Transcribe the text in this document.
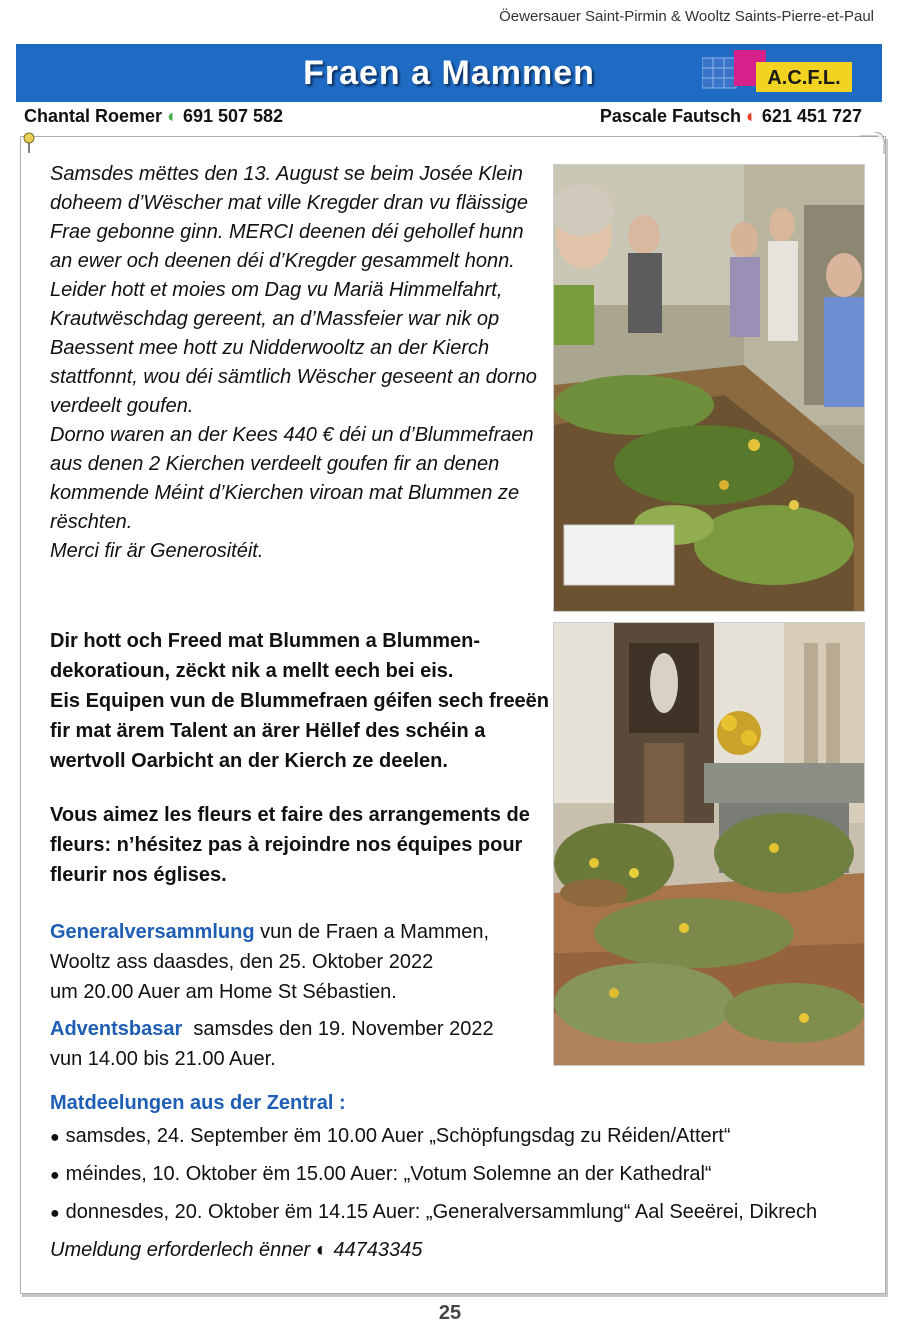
Öewersauer Saint-Pirmin & Wooltz Saints-Pierre-et-Paul
Fraen a Mammen	A.C.F.L.
Chantal Roemer ◐ 691 507 582	Pascale Fautsch ◐ 621 451 727

Samsdes mëttes den 13. August se beim Josée Klein doheem d’Wëscher mat ville Kregder dran vu fläissige Frae gebonne ginn. MERCI deenen déi gehollef hunn an ewer och deenen déi d’Kregder gesammelt honn.

Leider hott et moies om Dag vu Mariä Himmelfahrt, Krautwëschdag gereent, an d’Massfeier war nik op Baessent mee hott zu Nidderwooltz an der Kierch stattfonnt, wou déi sämtlich Wëscher geseent an dorno verdeelt goufen.

Dorno waren an der Kees 440 € déi un d’Blummefraen aus denen 2 Kierchen verdeelt goufen fir an denen kommende Méint d’Kierchen viroan mat Blummen ze rëschten.

Merci fir är Generositéit.

Dir hott och Freed mat Blummen a Blummen-dekoratioun, zëckt nik a mellt eech bei eis.

Eis Equipen vun de Blummefraen géifen sech freeën fir mat ärem Talent an ärer Hëllef des schéin a wertvoll Oarbicht an der Kierch ze deelen.

Vous aimez les fleurs et faire des arrangements de fleurs: n’hésitez pas à rejoindre nos équipes pour fleurir nos églises.

Generalversammlung vun de Fraen a Mammen,

Wooltz ass daasdes, den 25. Oktober 2022

um 20.00 Auer am Home St Sébastien.

Adventsbasar samsdes den 19. November 2022

vun 14.00 bis 21.00 Auer.

Matdeelungen aus der Zentral :
● samsdes, 24. September ëm 10.00 Auer „Schöpfungsdag zu Réiden/Attert“
● méindes, 10. Oktober ëm 15.00 Auer: „Votum Solemne an der Kathedral“
● donnesdes, 20. Oktober ëm 14.15 Auer: „Generalversammlung“ Aal Seeërei, Dikrech
Umeldung erforderlech ënner ◐ 44743345
25
